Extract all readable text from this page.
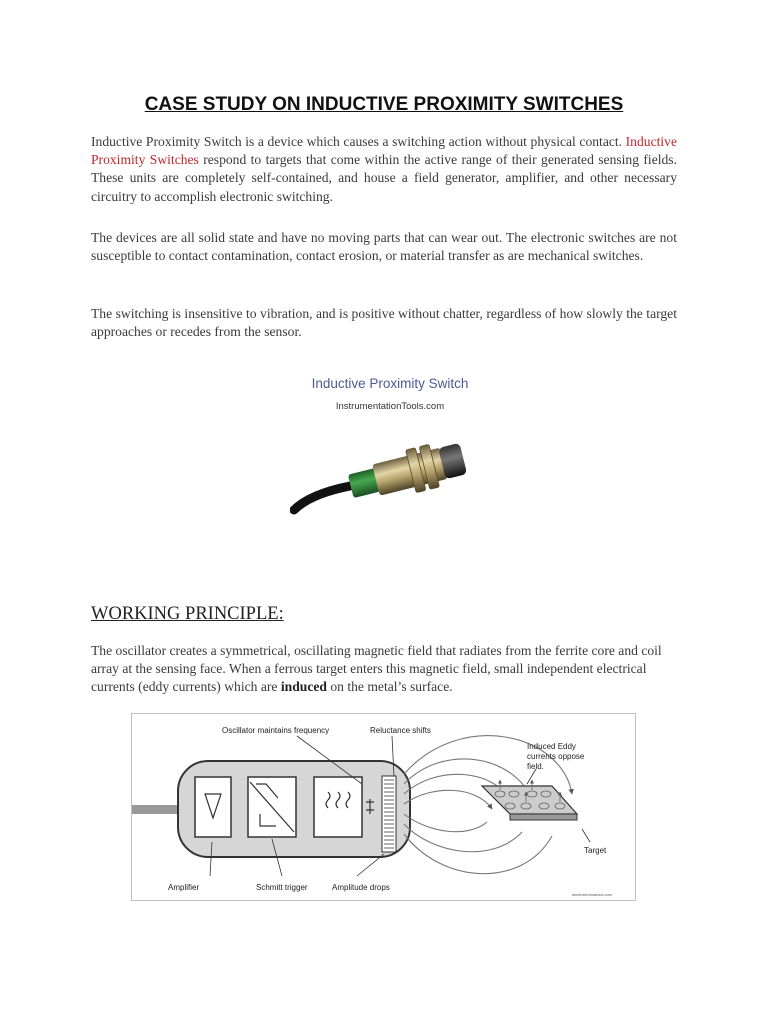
CASE STUDY ON INDUCTIVE PROXIMITY SWITCHES

Inductive Proximity Switch is a device which causes a switching action without physical contact. Inductive Proximity Switches respond to targets that come within the active range of their generated sensing fields. These units are completely self-contained, and house a field generator, amplifier, and other necessary circuitry to accomplish electronic switching.

The devices are all solid state and have no moving parts that can wear out. The electronic switches are not susceptible to contact contamination, contact erosion, or material transfer as are mechanical switches.

The switching is insensitive to vibration, and is positive without chatter, regardless of how slowly the target approaches or recedes from the sensor.

Inductive Proximity Switch
InstrumentationTools.com
WORKING PRINCIPLE:

The oscillator creates a symmetrical, oscillating magnetic field that radiates from the ferrite core and coil array at the sensing face. When a ferrous target enters this magnetic field, small independent electrical currents (eddy currents) which are induced on the metal’s surface.

Oscillator maintains frequency	Reluctance shifts
Induced Eddy
currents oppose
field.
Target
Amplifier	Schmitt trigger	Amplitude drops
electronhumanics.com
